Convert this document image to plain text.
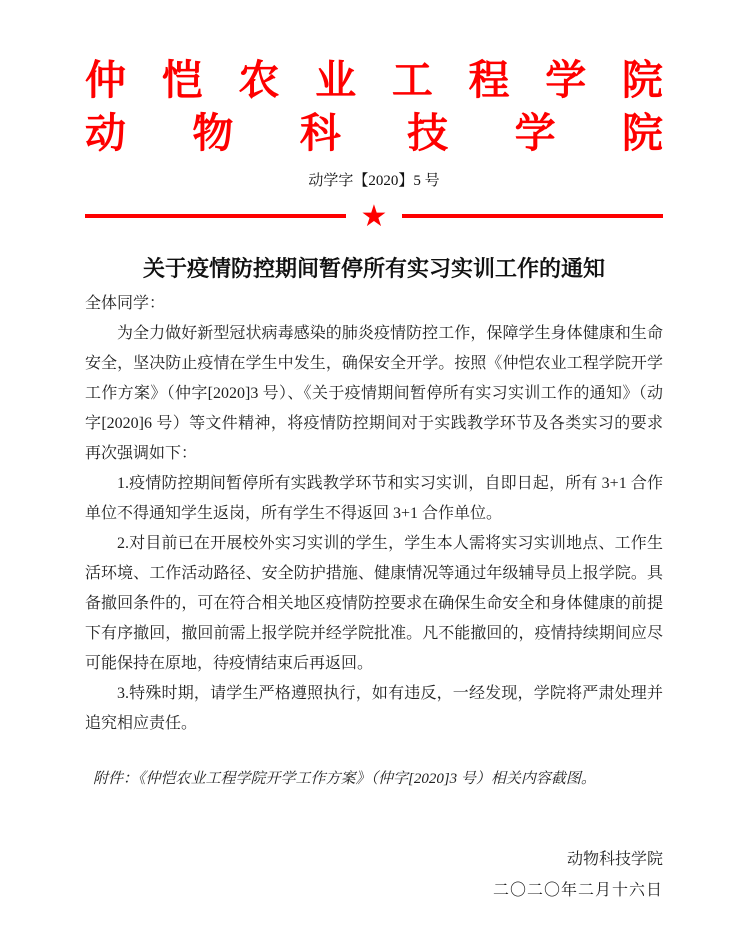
仲 恺 农 业 工 程 学 院
动 物 科 技 学 院
动学字【2020】5 号
★
关于疫情防控期间暂停所有实习实训工作的通知

全体同学：

为全力做好新型冠状病毒感染的肺炎疫情防控工作，保障学生身体健康和生命安全，坚决防止疫情在学生中发生，确保安全开学。按照《仲恺农业工程学院开学工作方案》（仲字[2020]3 号）、《关于疫情期间暂停所有实习实训工作的通知》（动字[2020]6 号）等文件精神，将疫情防控期间对于实践教学环节及各类实习的要求再次强调如下：

1.疫情防控期间暂停所有实践教学环节和实习实训，自即日起，所有 3+1 合作单位不得通知学生返岗，所有学生不得返回 3+1 合作单位。

2.对目前已在开展校外实习实训的学生，学生本人需将实习实训地点、工作生活环境、工作活动路径、安全防护措施、健康情况等通过年级辅导员上报学院。具备撤回条件的，可在符合相关地区疫情防控要求在确保生命安全和身体健康的前提下有序撤回，撤回前需上报学院并经学院批准。凡不能撤回的，疫情持续期间应尽可能保持在原地，待疫情结束后再返回。

3.特殊时期，请学生严格遵照执行，如有违反，一经发现，学院将严肃处理并追究相应责任。

附件：《仲恺农业工程学院开学工作方案》（仲字[2020]3 号）相关内容截图。

动物科技学院
二〇二〇年二月十六日
